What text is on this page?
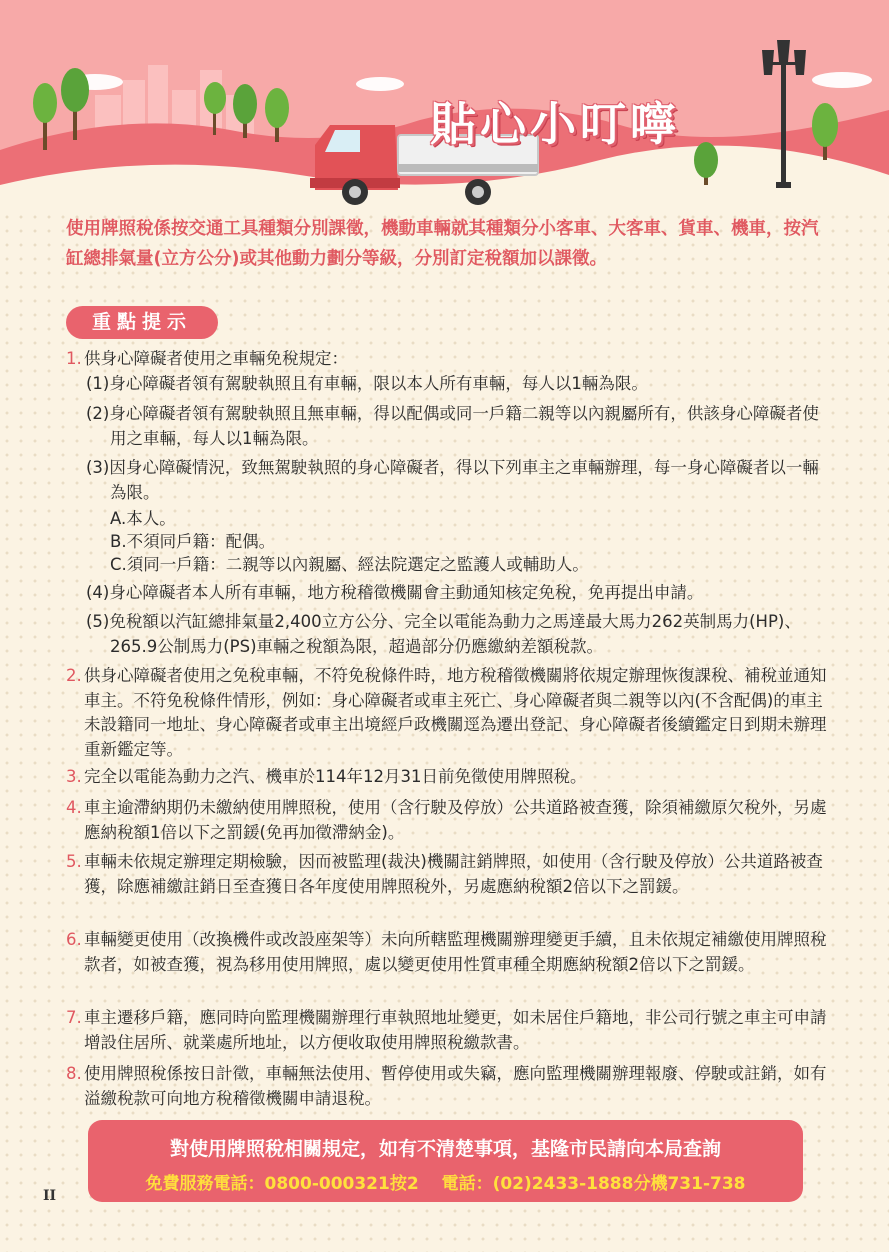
貼心小叮嚀
使用牌照稅係按交通工具種類分別課徵，機動車輛就其種類分小客車、大客車、貨車、機車，按汽缸總排氣量(立方公分)或其他動力劃分等級，分別訂定稅額加以課徵。
重點提示
1. 供身心障礙者使用之車輛免稅規定：
(1)身心障礙者領有駕駛執照且有車輛，限以本人所有車輛，每人以1輛為限。
(2)身心障礙者領有駕駛執照且無車輛，得以配偶或同一戶籍二親等以內親屬所有，供該身心障礙者使用之車輛，每人以1輛為限。
(3)因身心障礙情況，致無駕駛執照的身心障礙者，得以下列車主之車輛辦理，每一身心障礙者以一輛為限。
A.本人。
B.不須同戶籍：配偶。
C.須同一戶籍：二親等以內親屬、經法院選定之監護人或輔助人。
(4)身心障礙者本人所有車輛，地方稅稽徵機關會主動通知核定免稅，免再提出申請。
(5)免稅額以汽缸總排氣量2,400立方公分、完全以電能為動力之馬達最大馬力262英制馬力(HP)、265.9公制馬力(PS)車輛之稅額為限，超過部分仍應繳納差額稅款。
2. 供身心障礙者使用之免稅車輛，不符免稅條件時，地方稅稽徵機關將依規定辦理恢復課稅、補稅並通知車主。不符免稅條件情形，例如：身心障礙者或車主死亡、身心障礙者與二親等以內(不含配偶)的車主未設籍同一地址、身心障礙者或車主出境經戶政機關逕為遷出登記、身心障礙者後續鑑定日到期未辦理重新鑑定等。
3. 完全以電能為動力之汽、機車於114年12月31日前免徵使用牌照稅。
4. 車主逾滯納期仍未繳納使用牌照稅，使用（含行駛及停放）公共道路被查獲，除須補繳原欠稅外，另處應納稅額1倍以下之罰鍰(免再加徵滯納金)。
5. 車輛未依規定辦理定期檢驗，因而被監理(裁決)機關註銷牌照，如使用（含行駛及停放）公共道路被查獲，除應補繳註銷日至查獲日各年度使用牌照稅外，另處應納稅額2倍以下之罰鍰。
6. 車輛變更使用（改換機件或改設座架等）未向所轄監理機關辦理變更手續，且未依規定補繳使用牌照稅款者，如被查獲，視為移用使用牌照，處以變更使用性質車種全期應納稅額2倍以下之罰鍰。
7. 車主遷移戶籍，應同時向監理機關辦理行車執照地址變更，如未居住戶籍地，非公司行號之車主可申請增設住居所、就業處所地址，以方便收取使用牌照稅繳款書。
8. 使用牌照稅係按日計徵，車輛無法使用、暫停使用或失竊，應向監理機關辦理報廢、停駛或註銷，如有溢繳稅款可向地方稅稽徵機關申請退稅。
對使用牌照稅相關規定，如有不清楚事項，基隆市民請向本局查詢
免費服務電話：0800-000321按2　 電話：(02)2433-1888分機731-738
II
